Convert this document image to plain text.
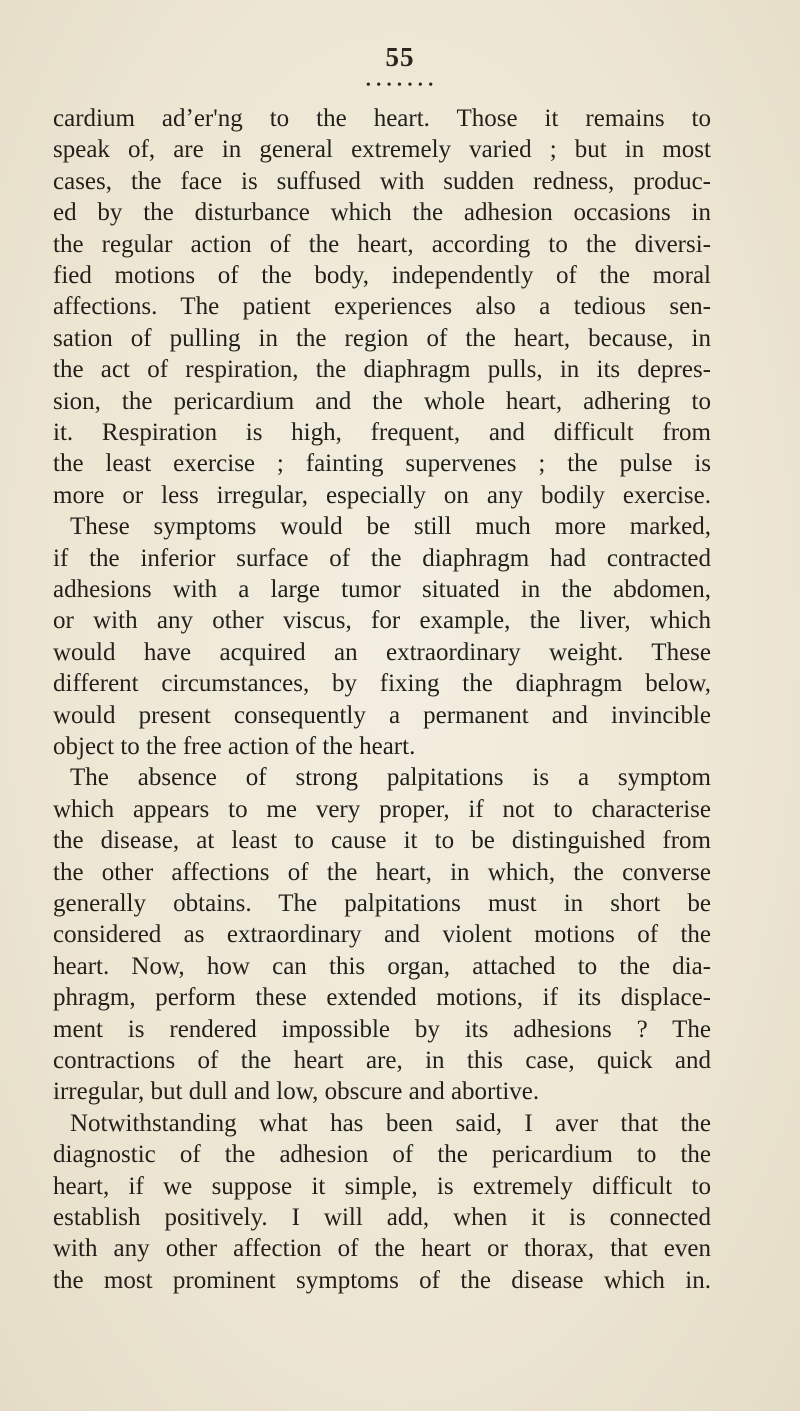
55
• • • • • • •
cardium adʼer'ng to the heart. Those it remains to
speak of, are in general extremely varied ; but in most
cases, the face is suffused with sudden redness, produc-
ed by the disturbance which the adhesion occasions in
the regular action of the heart, according to the diversi-
fied motions of the body, independently of the moral
affections. The patient experiences also a tedious sen-
sation of pulling in the region of the heart, because, in
the act of respiration, the diaphragm pulls, in its depres-
sion, the pericardium and the whole heart, adhering to
it. Respiration is high, frequent, and difficult from
the least exercise ; fainting supervenes ; the pulse is
more or less irregular, especially on any bodily exercise.
These symptoms would be still much more marked,
if the inferior surface of the diaphragm had contracted
adhesions with a large tumor situated in the abdomen,
or with any other viscus, for example, the liver, which
would have acquired an extraordinary weight. These
different circumstances, by fixing the diaphragm below,
would present consequently a permanent and invincible
object to the free action of the heart.
The absence of strong palpitations is a symptom
which appears to me very proper, if not to characterise
the disease, at least to cause it to be distinguished from
the other affections of the heart, in which, the converse
generally obtains. The palpitations must in short be
considered as extraordinary and violent motions of the
heart. Now, how can this organ, attached to the dia-
phragm, perform these extended motions, if its displace-
ment is rendered impossible by its adhesions ? The
contractions of the heart are, in this case, quick and
irregular, but dull and low, obscure and abortive.
Notwithstanding what has been said, I aver that the
diagnostic of the adhesion of the pericardium to the
heart, if we suppose it simple, is extremely difficult to
establish positively. I will add, when it is connected
with any other affection of the heart or thorax, that even
the most prominent symptoms of the disease which in.
